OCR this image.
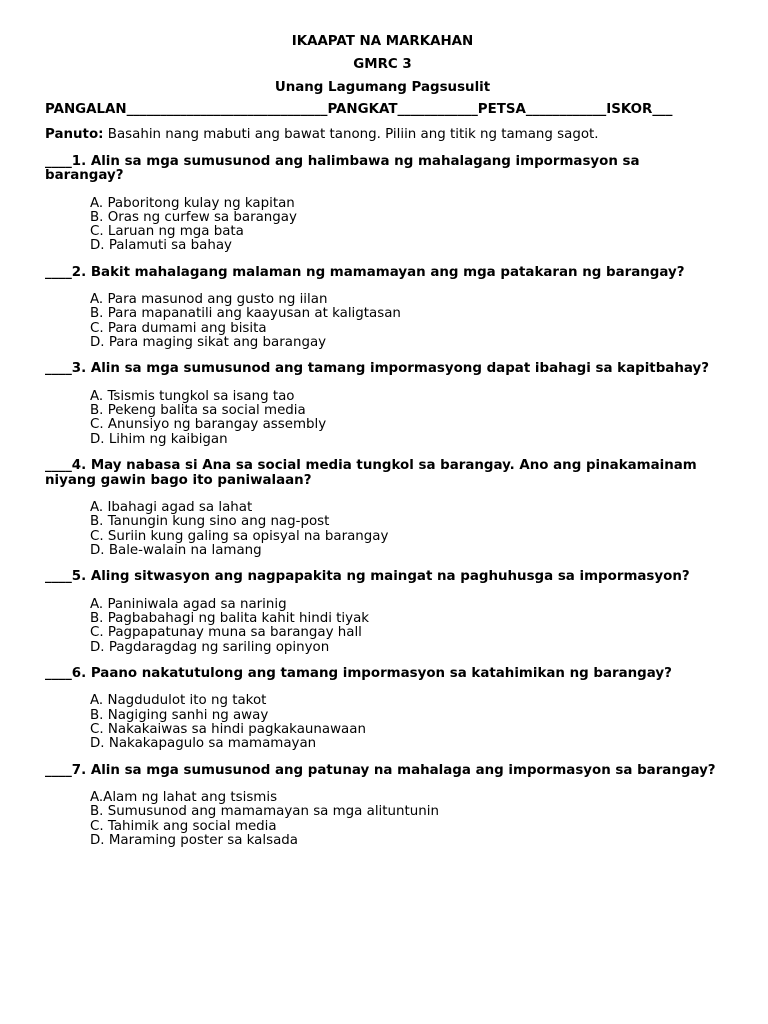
IKAAPAT NA MARKAHAN
GMRC 3
Unang Lagumang Pagsusulit
PANGALAN______________________________PANGKAT____________PETSA____________ISKOR___
Panuto: Basahin nang mabuti ang bawat tanong. Piliin ang titik ng tamang sagot.
____1. Alin sa mga sumusunod ang halimbawa ng mahalagang impormasyon sa barangay?
A. Paboritong kulay ng kapitan
B. Oras ng curfew sa barangay
C. Laruan ng mga bata
D. Palamuti sa bahay
____2. Bakit mahalagang malaman ng mamamayan ang mga patakaran ng barangay?
A. Para masunod ang gusto ng iilan
B. Para mapanatili ang kaayusan at kaligtasan
C. Para dumami ang bisita
D. Para maging sikat ang barangay
____3. Alin sa mga sumusunod ang tamang impormasyong dapat ibahagi sa kapitbahay?
A. Tsismis tungkol sa isang tao
B. Pekeng balita sa social media
C. Anunsiyo ng barangay assembly
D. Lihim ng kaibigan
____4. May nabasa si Ana sa social media tungkol sa barangay. Ano ang pinakamainam niyang gawin bago ito paniwalaan?
A. Ibahagi agad sa lahat
B. Tanungin kung sino ang nag-post
C. Suriin kung galing sa opisyal na barangay
D. Bale-walain na lamang
____5. Aling sitwasyon ang nagpapakita ng maingat na paghuhusga sa impormasyon?
A. Paniniwala agad sa narinig
B. Pagbabahagi ng balita kahit hindi tiyak
C. Pagpapatunay muna sa barangay hall
D. Pagdaragdag ng sariling opinyon
____6. Paano nakatutulong ang tamang impormasyon sa katahimikan ng barangay?
A. Nagdudulot ito ng takot
B. Nagiging sanhi ng away
C. Nakakaiwas sa hindi pagkakaunawaan
D. Nakakapagulo sa mamamayan
____7. Alin sa mga sumusunod ang patunay na mahalaga ang impormasyon sa barangay?
A.Alam ng lahat ang tsismis
B. Sumusunod ang mamamayan sa mga alituntunin
C. Tahimik ang social media
D. Maraming poster sa kalsada
